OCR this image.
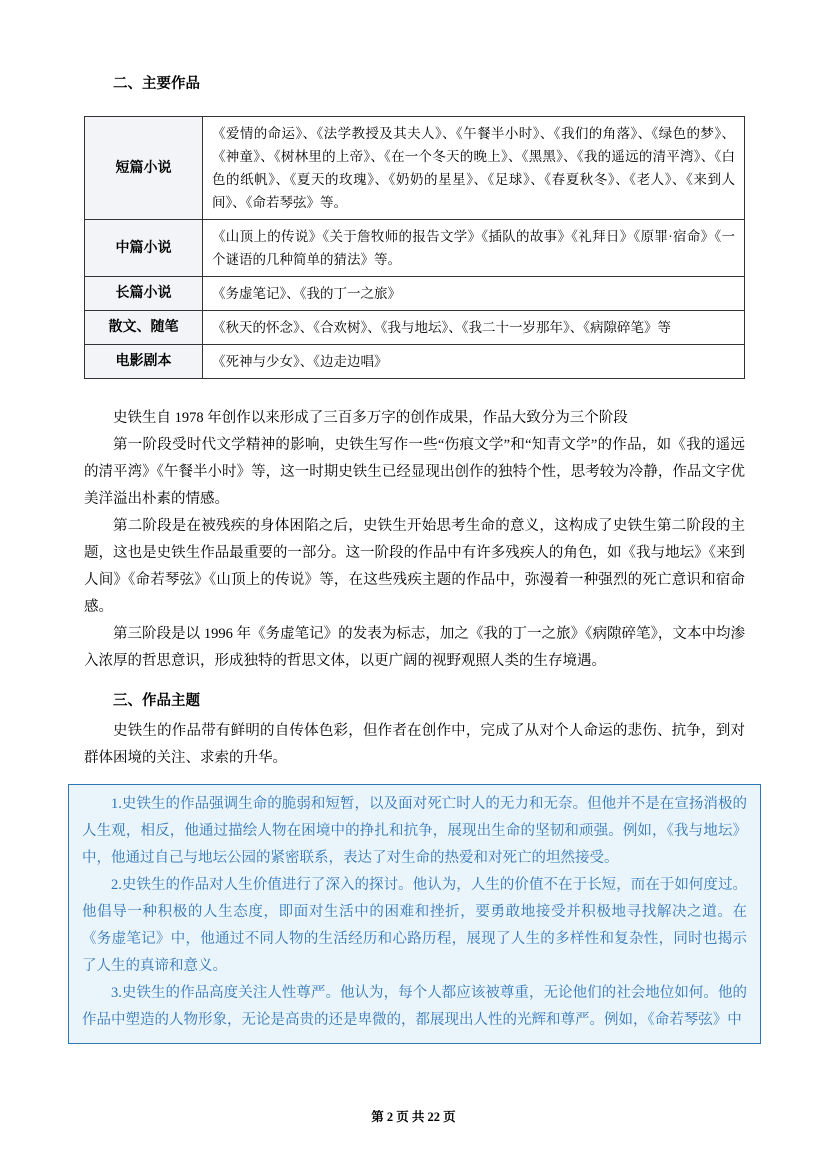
二、主要作品
短篇小说	《爱情的命运》、《法学教授及其夫人》、《午餐半小时》、《我们的角落》、《绿色的梦》、《神童》、《树林里的上帝》、《在一个冬天的晚上》、《黑黑》、《我的遥远的清平湾》、《白色的纸帆》、《夏天的玫瑰》、《奶奶的星星》、《足球》、《春夏秋冬》、《老人》、《来到人间》、《命若琴弦》等。
中篇小说	《山顶上的传说》《关于詹牧师的报告文学》《插队的故事》《礼拜日》《原罪·宿命》《一个谜语的几种简单的猜法》等。
长篇小说	《务虚笔记》、《我的丁一之旅》
散文、随笔	《秋天的怀念》、《合欢树》、《我与地坛》、《我二十一岁那年》、《病隙碎笔》等
电影剧本	《死神与少女》、《边走边唱》

史铁生自 1978 年创作以来形成了三百多万字的创作成果，作品大致分为三个阶段

第一阶段受时代文学精神的影响，史铁生写作一些“伤痕文学”和“知青文学”的作品，如《我的遥远的清平湾》《午餐半小时》等，这一时期史铁生已经显现出创作的独特个性，思考较为冷静，作品文字优美洋溢出朴素的情感。

第二阶段是在被残疾的身体困陷之后，史铁生开始思考生命的意义，这构成了史铁生第二阶段的主题，这也是史铁生作品最重要的一部分。这一阶段的作品中有许多残疾人的角色，如《我与地坛》《来到人间》《命若琴弦》《山顶上的传说》等，在这些残疾主题的作品中，弥漫着一种强烈的死亡意识和宿命感。

第三阶段是以 1996 年《务虚笔记》的发表为标志，加之《我的丁一之旅》《病隙碎笔》，文本中均渗入浓厚的哲思意识，形成独特的哲思文体，以更广阔的视野观照人类的生存境遇。

三、作品主题

史铁生的作品带有鲜明的自传体色彩，但作者在创作中，完成了从对个人命运的悲伤、抗争，到对群体困境的关注、求索的升华。

1.史铁生的作品强调生命的脆弱和短暂，以及面对死亡时人的无力和无奈。但他并不是在宣扬消极的人生观，相反，他通过描绘人物在困境中的挣扎和抗争，展现出生命的坚韧和顽强。例如，《我与地坛》中，他通过自己与地坛公园的紧密联系，表达了对生命的热爱和对死亡的坦然接受。

2.史铁生的作品对人生价值进行了深入的探讨。他认为，人生的价值不在于长短，而在于如何度过。他倡导一种积极的人生态度，即面对生活中的困难和挫折，要勇敢地接受并积极地寻找解决之道。在《务虚笔记》中，他通过不同人物的生活经历和心路历程，展现了人生的多样性和复杂性，同时也揭示了人生的真谛和意义。

3.史铁生的作品高度关注人性尊严。他认为，每个人都应该被尊重，无论他们的社会地位如何。他的作品中塑造的人物形象，无论是高贵的还是卑微的，都展现出人性的光辉和尊严。例如，《命若琴弦》中

第 2 页 共 22 页
